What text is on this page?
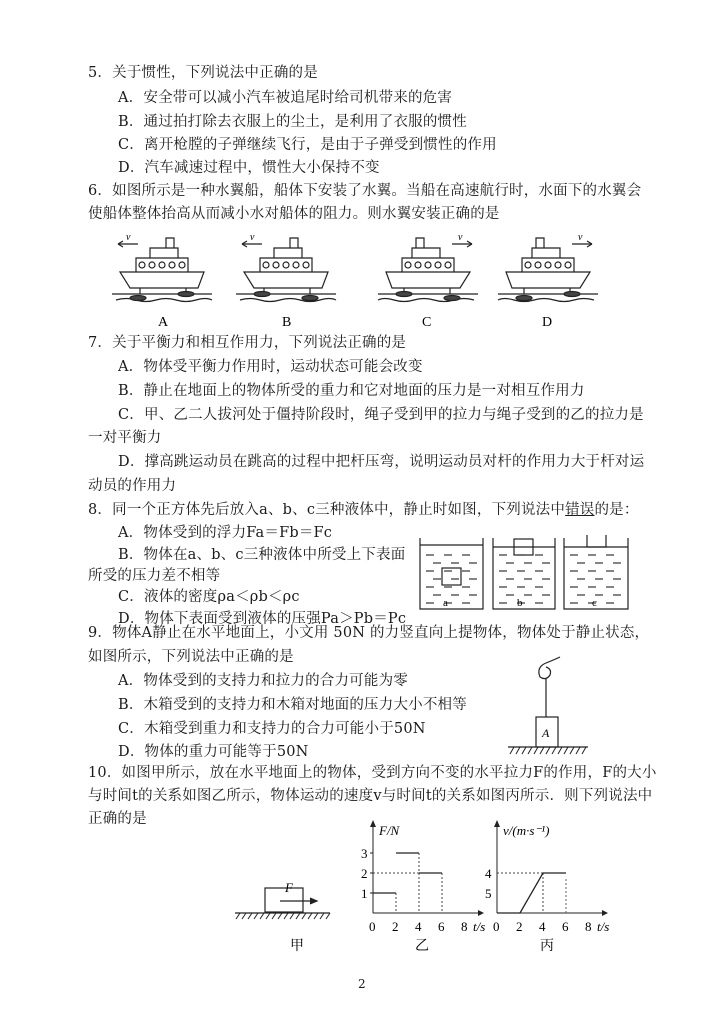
5．关于惯性，下列说法中正确的是
A．安全带可以减小汽车被追尾时给司机带来的危害
B．通过拍打除去衣服上的尘土，是利用了衣服的惯性
C．离开枪膛的子弹继续飞行，是由于子弹受到惯性的作用
D．汽车减速过程中，惯性大小保持不变
6．如图所示是一种水翼船，船体下安装了水翼。当船在高速航行时，水面下的水翼会
使船体整体抬高从而减小水对船体的阻力。则水翼安装正确的是
v
A
v
B
v
C
v
D
7．关于平衡力和相互作用力，下列说法正确的是
A．物体受平衡力作用时，运动状态可能会改变
B．静止在地面上的物体所受的重力和它对地面的压力是一对相互作用力
C．甲、乙二人拔河处于僵持阶段时，绳子受到甲的拉力与绳子受到的乙的拉力是
一对平衡力
D．撑高跳运动员在跳高的过程中把杆压弯，说明运动员对杆的作用力大于杆对运
动员的作用力
8．同一个正方体先后放入a、b、c三种液体中，静止时如图，下列说法中错误的是：
A．物体受到的浮力Fa＝Fb＝Fc
B．物体在a、b、c三种液体中所受上下表面
所受的压力差不相等
C．液体的密度ρa＜ρb＜ρc
D．物体下表面受到液体的压强Pa＞Pb＝Pc
a	b	c
9．物体A静止在水平地面上，小文用 50N 的力竖直向上提物体，物体处于静止状态，
如图所示，下列说法中正确的是
A．物体受到的支持力和拉力的合力可能为零
B．木箱受到的支持力和木箱对地面的压力大小不相等
C．木箱受到重力和支持力的合力可能小于50N
D．物体的重力可能等于50N
A
10．如图甲所示，放在水平地面上的物体，受到方向不变的水平拉力F的作用，F的大小
与时间t的关系如图乙所示，物体运动的速度v与时间t的关系如图丙所示．则下列说法中
正确的是
F
甲
0 2 4 6 8 t/s
F/N
1
2
3
0 2 4 6 8 t/s
v/(m·s⁻¹)
4
5
乙	丙
2
